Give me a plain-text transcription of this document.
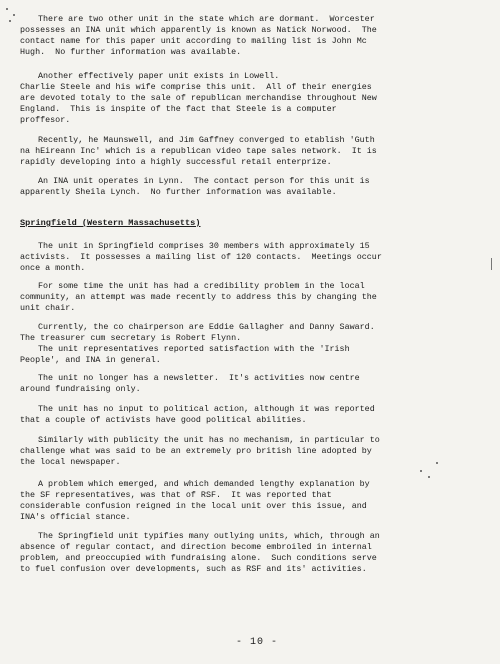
There are two other unit in the state which are dormant.  Worcester
possesses an INA unit which apparently is known as Natick Norwood.  The
contact name for this paper unit according to mailing list is John Mc
Hugh.  No further information was available.
Another effectively paper unit exists in Lowell.
Charlie Steele and his wife comprise this unit.  All of their energies
are devoted totaly to the sale of republican merchandise throughout New
England.  This is inspite of the fact that Steele is a computer
proffesor.
Recently, he Maunswell, and Jim Gaffney converged to etablish 'Guth
na hEireann Inc' which is a republican video tape sales network.  It is
rapidly developing into a highly successful retail enterprize.
An INA unit operates in Lynn.  The contact person for this unit is
apparently Sheila Lynch.  No further information was available.
Springfield (Western Massachusetts)
The unit in Springfield comprises 30 members with approximately 15
activists.  It possesses a mailing list of 120 contacts.  Meetings occur
once a month.
For some time the unit has had a credibility problem in the local
community, an attempt was made recently to address this by changing the
unit chair.
Currently, the co chairperson are Eddie Gallagher and Danny Saward.
The treasurer cum secretary is Robert Flynn.
The unit representatives reported satisfaction with the 'Irish
People', and INA in general.
The unit no longer has a newsletter.  It's activities now centre
around fundraising only.
The unit has no input to political action, although it was reported
that a couple of activists have good political abilities.
Similarly with publicity the unit has no mechanism, in particular to
challenge what was said to be an extremely pro british line adopted by
the local newspaper.
A problem which emerged, and which demanded lengthy explanation by
the SF representatives, was that of RSF.  It was reported that
considerable confusion reigned in the local unit over this issue, and
INA's official stance.
The Springfield unit typifies many outlying units, which, through an
absence of regular contact, and direction become embroiled in internal
problem, and preoccupied with fundraising alone.  Such conditions serve
to fuel confusion over developments, such as RSF and its' activities.
- 10 -
